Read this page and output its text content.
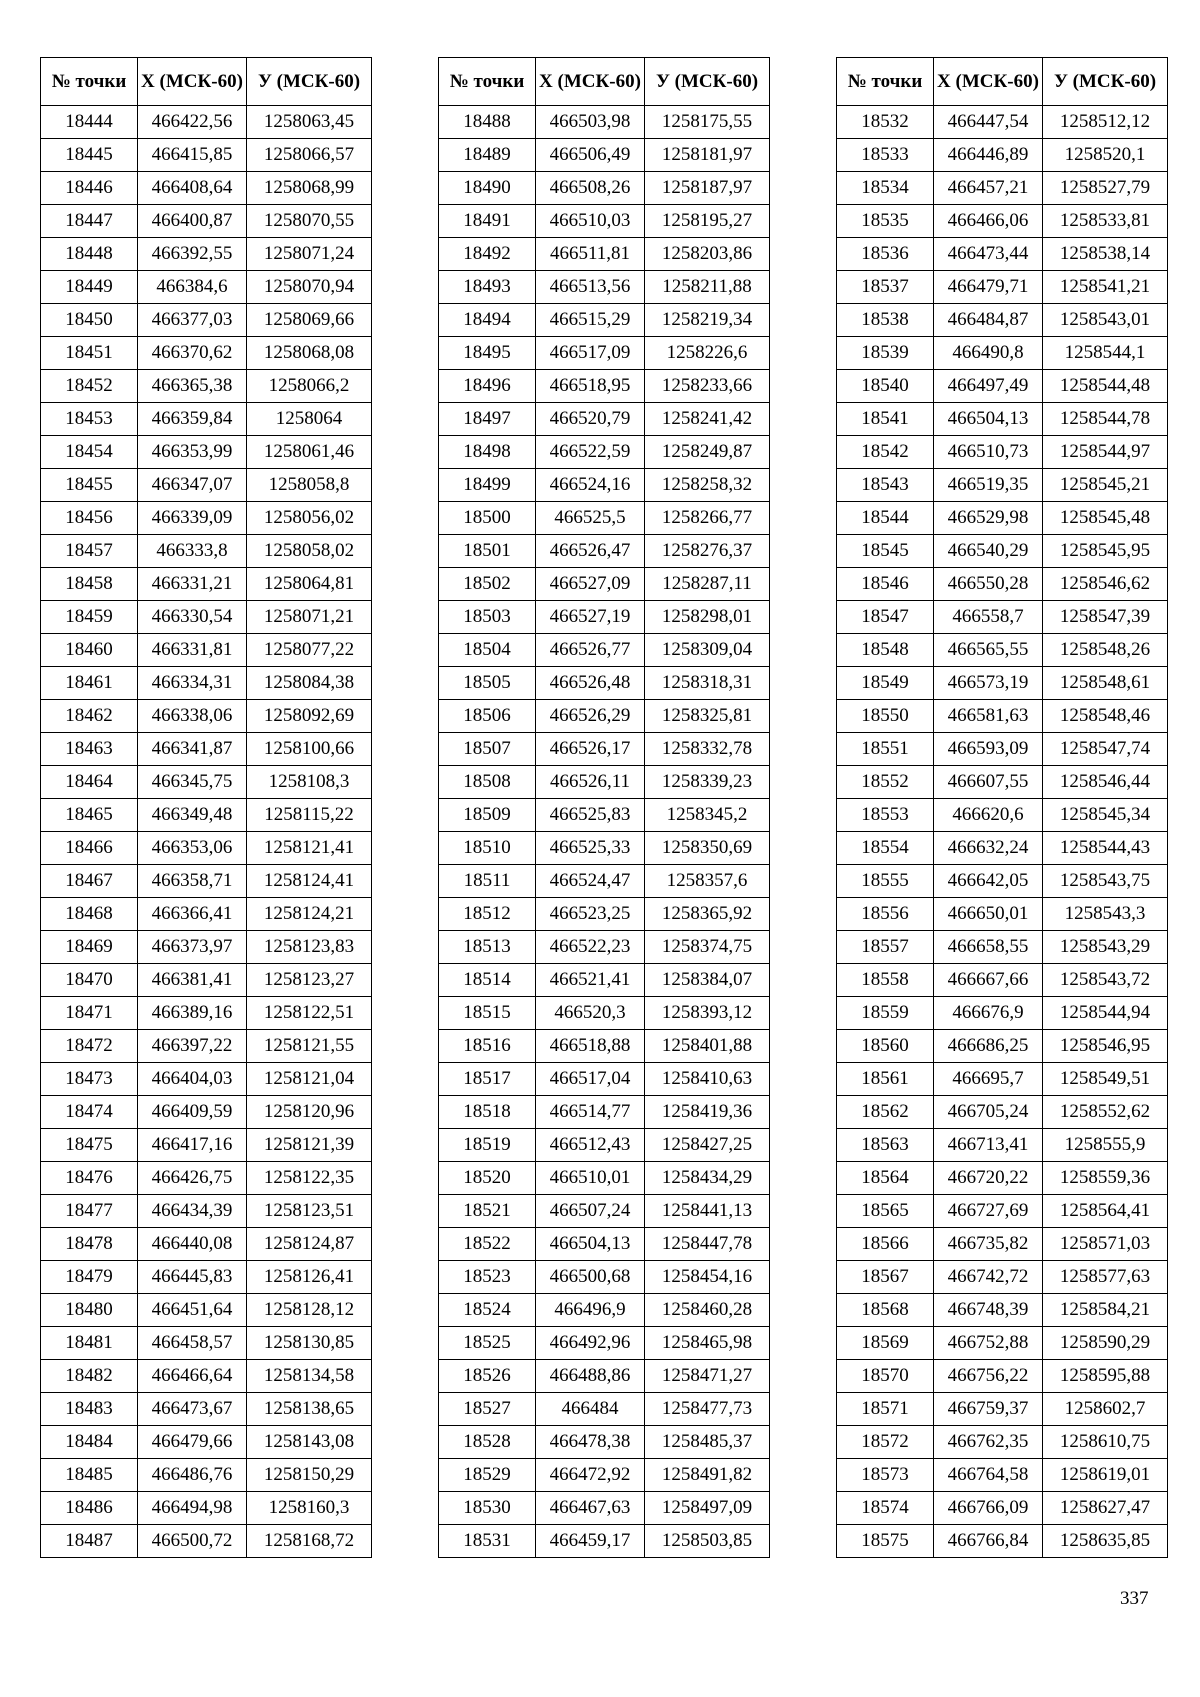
№ точки	Х (МСК-60)	У (МСК-60)
18444	466422,56	1258063,45
18445	466415,85	1258066,57
18446	466408,64	1258068,99
18447	466400,87	1258070,55
18448	466392,55	1258071,24
18449	466384,6	1258070,94
18450	466377,03	1258069,66
18451	466370,62	1258068,08
18452	466365,38	1258066,2
18453	466359,84	1258064
18454	466353,99	1258061,46
18455	466347,07	1258058,8
18456	466339,09	1258056,02
18457	466333,8	1258058,02
18458	466331,21	1258064,81
18459	466330,54	1258071,21
18460	466331,81	1258077,22
18461	466334,31	1258084,38
18462	466338,06	1258092,69
18463	466341,87	1258100,66
18464	466345,75	1258108,3
18465	466349,48	1258115,22
18466	466353,06	1258121,41
18467	466358,71	1258124,41
18468	466366,41	1258124,21
18469	466373,97	1258123,83
18470	466381,41	1258123,27
18471	466389,16	1258122,51
18472	466397,22	1258121,55
18473	466404,03	1258121,04
18474	466409,59	1258120,96
18475	466417,16	1258121,39
18476	466426,75	1258122,35
18477	466434,39	1258123,51
18478	466440,08	1258124,87
18479	466445,83	1258126,41
18480	466451,64	1258128,12
18481	466458,57	1258130,85
18482	466466,64	1258134,58
18483	466473,67	1258138,65
18484	466479,66	1258143,08
18485	466486,76	1258150,29
18486	466494,98	1258160,3
18487	466500,72	1258168,72
№ точки	Х (МСК-60)	У (МСК-60)
18488	466503,98	1258175,55
18489	466506,49	1258181,97
18490	466508,26	1258187,97
18491	466510,03	1258195,27
18492	466511,81	1258203,86
18493	466513,56	1258211,88
18494	466515,29	1258219,34
18495	466517,09	1258226,6
18496	466518,95	1258233,66
18497	466520,79	1258241,42
18498	466522,59	1258249,87
18499	466524,16	1258258,32
18500	466525,5	1258266,77
18501	466526,47	1258276,37
18502	466527,09	1258287,11
18503	466527,19	1258298,01
18504	466526,77	1258309,04
18505	466526,48	1258318,31
18506	466526,29	1258325,81
18507	466526,17	1258332,78
18508	466526,11	1258339,23
18509	466525,83	1258345,2
18510	466525,33	1258350,69
18511	466524,47	1258357,6
18512	466523,25	1258365,92
18513	466522,23	1258374,75
18514	466521,41	1258384,07
18515	466520,3	1258393,12
18516	466518,88	1258401,88
18517	466517,04	1258410,63
18518	466514,77	1258419,36
18519	466512,43	1258427,25
18520	466510,01	1258434,29
18521	466507,24	1258441,13
18522	466504,13	1258447,78
18523	466500,68	1258454,16
18524	466496,9	1258460,28
18525	466492,96	1258465,98
18526	466488,86	1258471,27
18527	466484	1258477,73
18528	466478,38	1258485,37
18529	466472,92	1258491,82
18530	466467,63	1258497,09
18531	466459,17	1258503,85
№ точки	Х (МСК-60)	У (МСК-60)
18532	466447,54	1258512,12
18533	466446,89	1258520,1
18534	466457,21	1258527,79
18535	466466,06	1258533,81
18536	466473,44	1258538,14
18537	466479,71	1258541,21
18538	466484,87	1258543,01
18539	466490,8	1258544,1
18540	466497,49	1258544,48
18541	466504,13	1258544,78
18542	466510,73	1258544,97
18543	466519,35	1258545,21
18544	466529,98	1258545,48
18545	466540,29	1258545,95
18546	466550,28	1258546,62
18547	466558,7	1258547,39
18548	466565,55	1258548,26
18549	466573,19	1258548,61
18550	466581,63	1258548,46
18551	466593,09	1258547,74
18552	466607,55	1258546,44
18553	466620,6	1258545,34
18554	466632,24	1258544,43
18555	466642,05	1258543,75
18556	466650,01	1258543,3
18557	466658,55	1258543,29
18558	466667,66	1258543,72
18559	466676,9	1258544,94
18560	466686,25	1258546,95
18561	466695,7	1258549,51
18562	466705,24	1258552,62
18563	466713,41	1258555,9
18564	466720,22	1258559,36
18565	466727,69	1258564,41
18566	466735,82	1258571,03
18567	466742,72	1258577,63
18568	466748,39	1258584,21
18569	466752,88	1258590,29
18570	466756,22	1258595,88
18571	466759,37	1258602,7
18572	466762,35	1258610,75
18573	466764,58	1258619,01
18574	466766,09	1258627,47
18575	466766,84	1258635,85
337
